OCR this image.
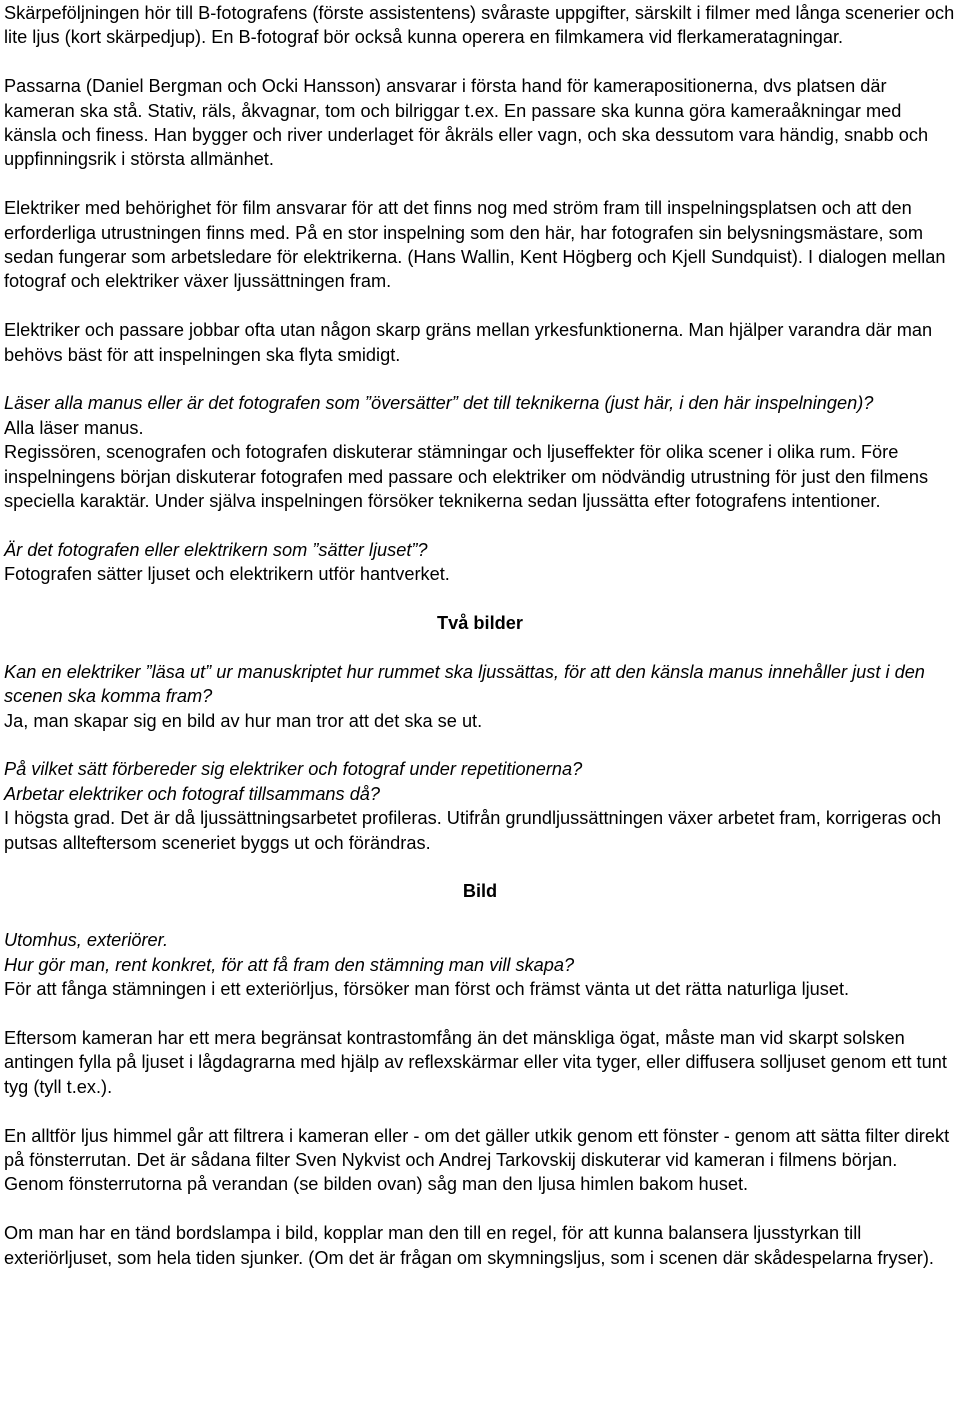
Skärpeföljningen hör till B-fotografens (förste assistentens) svåraste uppgifter, särskilt i filmer med långa scenerier och lite ljus (kort skärpedjup). En B-fotograf bör också kunna operera en filmkamera vid flerkameratagningar.

Passarna (Daniel Bergman och Ocki Hansson) ansvarar i första hand för kamerapositionerna, dvs platsen där kameran ska stå. Stativ, räls, åkvagnar, tom och bilriggar t.ex. En passare ska kunna göra kameraåkningar med känsla och finess. Han bygger och river underlaget för åkräls eller vagn, och ska dessutom vara händig, snabb och uppfinningsrik i största allmänhet.

Elektriker med behörighet för film ansvarar för att det finns nog med ström fram till inspelningsplatsen och att den erforderliga utrustningen finns med. På en stor inspelning som den här, har fotografen sin belysningsmästare, som sedan fungerar som arbetsledare för elektrikerna. (Hans Wallin, Kent Högberg och Kjell Sundquist). I dialogen mellan fotograf och elektriker växer ljussättningen fram.

Elektriker och passare jobbar ofta utan någon skarp gräns mellan yrkesfunktionerna. Man hjälper varandra där man behövs bäst för att inspelningen ska flyta smidigt.

Läser alla manus eller är det fotografen som ”översätter” det till teknikerna (just här, i den här inspelningen)?

Alla läser manus.

Regissören, scenografen och fotografen diskuterar stämningar och ljuseffekter för olika scener i olika rum. Före inspelningens början diskuterar fotografen med passare och elektriker om nödvändig utrustning för just den filmens speciella karaktär. Under själva inspelningen försöker teknikerna sedan ljussätta efter fotografens intentioner.

Är det fotografen eller elektrikern som ”sätter ljuset”?

Fotografen sätter ljuset och elektrikern utför hantverket.

Två bilder

Kan en elektriker ”läsa ut” ur manuskriptet hur rummet ska ljussättas, för att den känsla manus innehåller just i den scenen ska komma fram?

Ja, man skapar sig en bild av hur man tror att det ska se ut.

På vilket sätt förbereder sig elektriker och fotograf under repetitionerna?

Arbetar elektriker och fotograf tillsammans då?

I högsta grad. Det är då ljussättningsarbetet profileras. Utifrån grundljussättningen växer arbetet fram, korrigeras och putsas allteftersom sceneriet byggs ut och förändras.

Bild

Utomhus, exteriörer.

Hur gör man, rent konkret, för att få fram den stämning man vill skapa?

För att fånga stämningen i ett exteriörljus, försöker man först och främst vänta ut det rätta naturliga ljuset.

Eftersom kameran har ett mera begränsat kontrastomfång än det mänskliga ögat, måste man vid skarpt solsken antingen fylla på ljuset i lågdagrarna med hjälp av reflexskärmar eller vita tyger, eller diffusera solljuset genom ett tunt tyg (tyll t.ex.).

En alltför ljus himmel går att filtrera i kameran eller - om det gäller utkik genom ett fönster - genom att sätta filter direkt på fönsterrutan. Det är sådana filter Sven Nykvist och Andrej Tarkovskij diskuterar vid kameran i filmens början. Genom fönsterrutorna på verandan (se bilden ovan) såg man den ljusa himlen bakom huset.

Om man har en tänd bordslampa i bild, kopplar man den till en regel, för att kunna balansera ljusstyrkan till exteriörljuset, som hela tiden sjunker. (Om det är frågan om skymningsljus, som i scenen där skådespelarna fryser).
